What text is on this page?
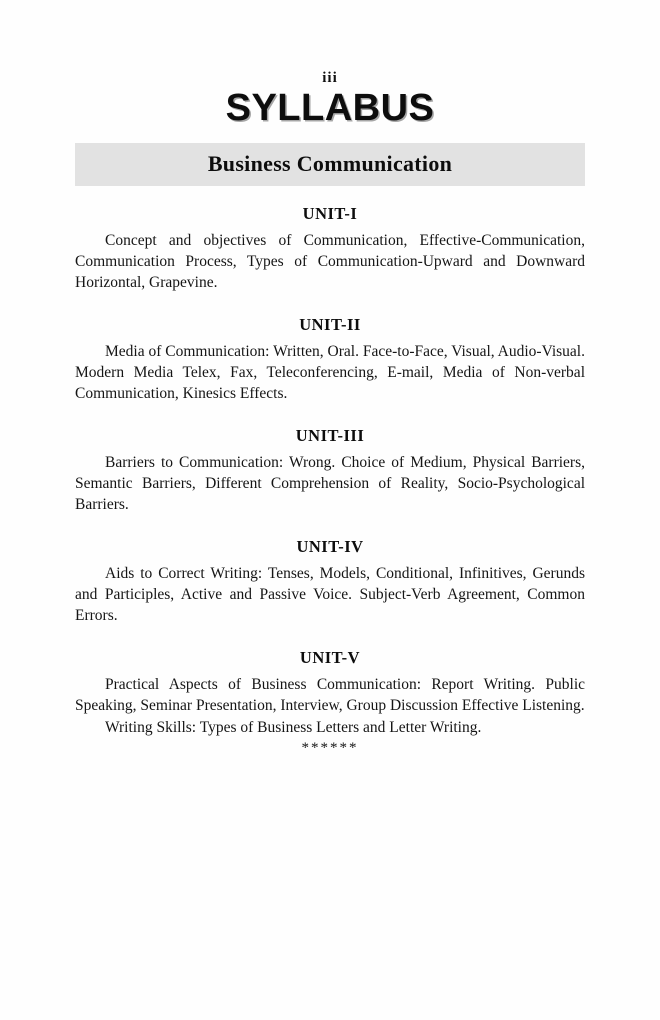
iii
SYLLABUS
Business Communication
UNIT-I

Concept and objectives of Communication, Effective-Communication, Communication Process, Types of Communication-Upward and Downward Horizontal, Grapevine.

UNIT-II

Media of Communication: Written, Oral. Face-to-Face, Visual, Audio-Visual. Modern Media Telex, Fax, Teleconferencing, E-mail, Media of Non-verbal Communication, Kinesics Effects.

UNIT-III

Barriers to Communication: Wrong. Choice of Medium, Physical Barriers, Semantic Barriers, Different Comprehension of Reality, Socio-Psychological Barriers.

UNIT-IV

Aids to Correct Writing: Tenses, Models, Conditional, Infinitives, Gerunds and Participles, Active and Passive Voice. Subject-Verb Agreement, Common Errors.

UNIT-V

Practical Aspects of Business Communication: Report Writing. Public Speaking, Seminar Presentation, Interview, Group Discussion Effective Listening.

Writing Skills: Types of Business Letters and Letter Writing.

******
